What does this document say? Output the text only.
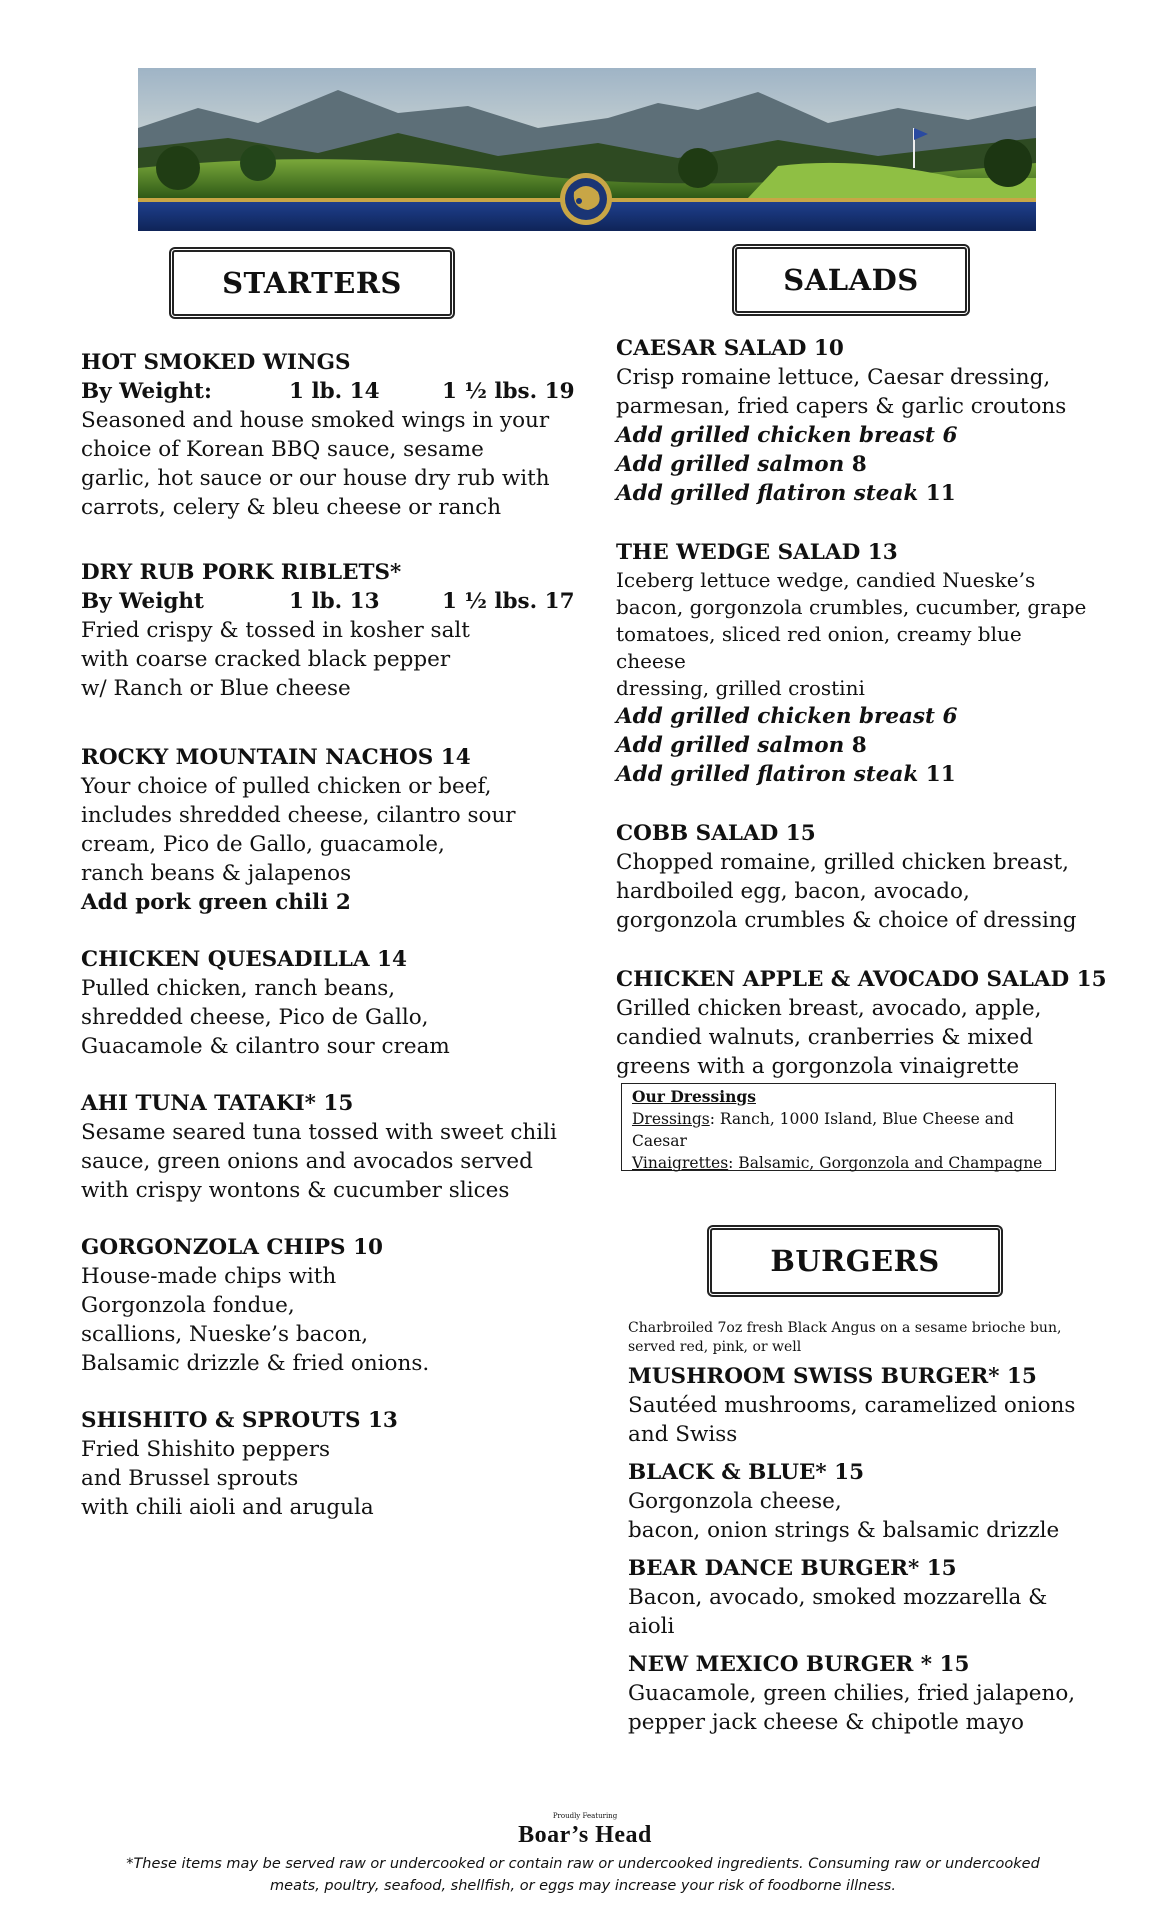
STARTERS	SALADS
BURGERS
HOT SMOKED WINGS
By Weight:	1 lb. 14	1 ½ lbs. 19
Seasoned and house smoked wings in your choice of Korean BBQ sauce, sesame garlic, hot sauce or our house dry rub with carrots, celery & bleu cheese or ranch
DRY RUB PORK RIBLETS*
By Weight	1 lb. 13	1 ½ lbs. 17
Fried crispy & tossed in kosher salt
with coarse cracked black pepper
w/ Ranch or Blue cheese
ROCKY MOUNTAIN NACHOS 14
Your choice of pulled chicken or beef,
includes shredded cheese, cilantro sour
cream, Pico de Gallo, guacamole,
ranch beans & jalapenos
Add pork green chili 2
CHICKEN QUESADILLA 14
Pulled chicken, ranch beans,
shredded cheese, Pico de Gallo,
Guacamole & cilantro sour cream
AHI TUNA TATAKI* 15
Sesame seared tuna tossed with sweet chili
sauce, green onions and avocados served
with crispy wontons & cucumber slices
GORGONZOLA CHIPS 10
House-made chips with
Gorgonzola fondue,
scallions, Nueske’s bacon,
Balsamic drizzle & fried onions.
SHISHITO & SPROUTS 13
Fried Shishito peppers
and Brussel sprouts
with chili aioli and arugula
CAESAR SALAD 10
Crisp romaine lettuce, Caesar dressing,
parmesan, fried capers & garlic croutons
Add grilled chicken breast 6
Add grilled salmon 8
Add grilled flatiron steak 11
THE WEDGE SALAD 13
Iceberg lettuce wedge, candied Nueske’s
bacon, gorgonzola crumbles, cucumber, grape
tomatoes, sliced red onion, creamy blue cheese
dressing, grilled crostini
Add grilled chicken breast 6
Add grilled salmon 8
Add grilled flatiron steak 11
COBB SALAD 15
Chopped romaine, grilled chicken breast,
hardboiled egg, bacon, avocado,
gorgonzola crumbles & choice of dressing
CHICKEN APPLE & AVOCADO SALAD 15
Grilled chicken breast, avocado, apple,
candied walnuts, cranberries & mixed
greens with a gorgonzola vinaigrette
Our Dressings
Dressings: Ranch, 1000 Island, Blue Cheese and Caesar
Vinaigrettes: Balsamic, Gorgonzola and Champagne
Charbroiled 7oz fresh Black Angus on a sesame brioche bun, served red, pink, or well
MUSHROOM SWISS BURGER* 15
Sautéed mushrooms, caramelized onions
and Swiss
BLACK & BLUE* 15
Gorgonzola cheese,
bacon, onion strings & balsamic drizzle
BEAR DANCE BURGER* 15
Bacon, avocado, smoked mozzarella & aioli
NEW MEXICO BURGER * 15
Guacamole, green chilies, fried jalapeno,
pepper jack cheese & chipotle mayo
Proudly Featuring
Boar’s Head
*These items may be served raw or undercooked or contain raw or undercooked ingredients. Consuming raw or undercooked
meats, poultry, seafood, shellfish, or eggs may increase your risk of foodborne illness.
